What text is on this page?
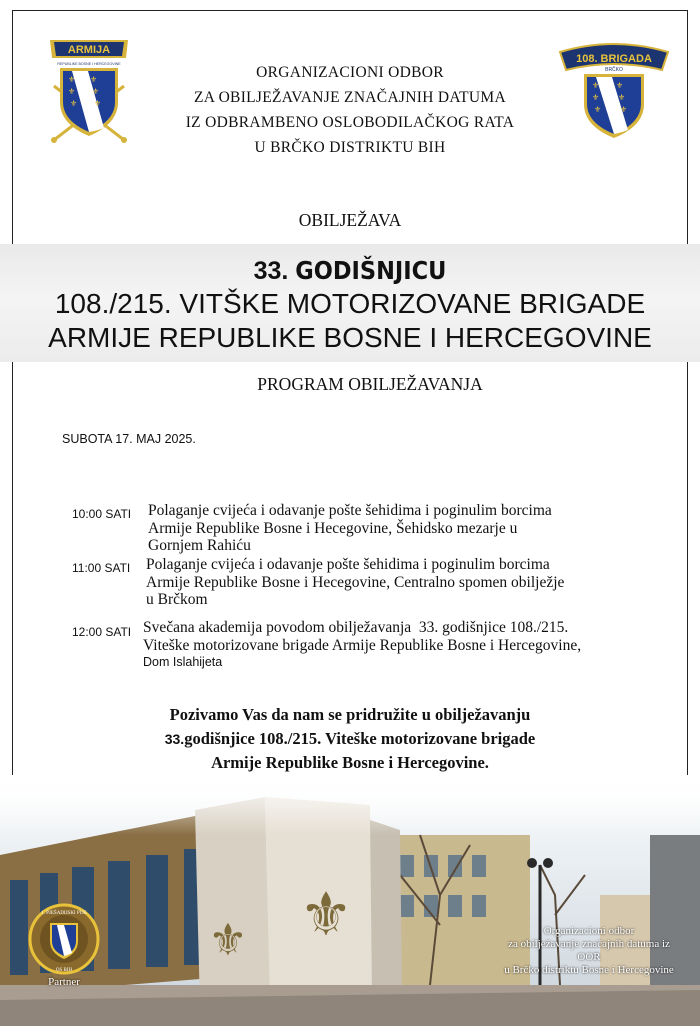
ARMIJA
REPUBLIKE BOSNE I HERCEGOVINE
⚜ ⚜
⚜ ⚜
⚜ ⚜
108. BRIGADA
BRČKO
⚜ ⚜
⚜ ⚜
⚜ ⚜
ORGANIZACIONI ODBOR
ZA OBILJEŽAVANJE ZNAČAJNIH DATUMA
IZ ODBRAMBENO OSLOBODILAČKOG RATA
U BRČKO DISTRIKTU BIH
OBILJEŽAVA
33. GODIŠNJICU
108./215. VITŠKE MOTORIZOVANE BRIGADE
ARMIJE REPUBLIKE BOSNE I HERCEGOVINE
PROGRAM OBILJEŽAVANJA
SUBOTA 17. MAJ 2025.
10:00 SATI Polaganje cvijeća i odavanje pošte šehidima i poginulim borcima
Armije Republike Bosne i Hecegovine, Šehidsko mezarje u
Gornjem Rahiću
11:00 SATI Polaganje cvijeća i odavanje pošte šehidima i poginulim borcima
Armije Republike Bosne i Hecegovine, Centralno spomen obilježje
u Brčkom
12:00 SATI Svečana akademija povodom obilježavanja 33. godišnjice 108./215.
Viteške motorizovane brigade Armije Republike Bosne i Hercegovine,
Dom Islahijeta
Pozivamo Vas da nam se pridružite u obilježavanju
33.godišnjice 108./215. Viteške motorizovane brigade
Armije Republike Bosne i Hercegovine.
⚜
⚜
1. PJEŠADIJSKI PUK
OS BIH
Partner
Organizacioni odbor
za obilježavanje značajnih datuma iz OOR
u Brčko distriktu Bosne i Hercegovine
